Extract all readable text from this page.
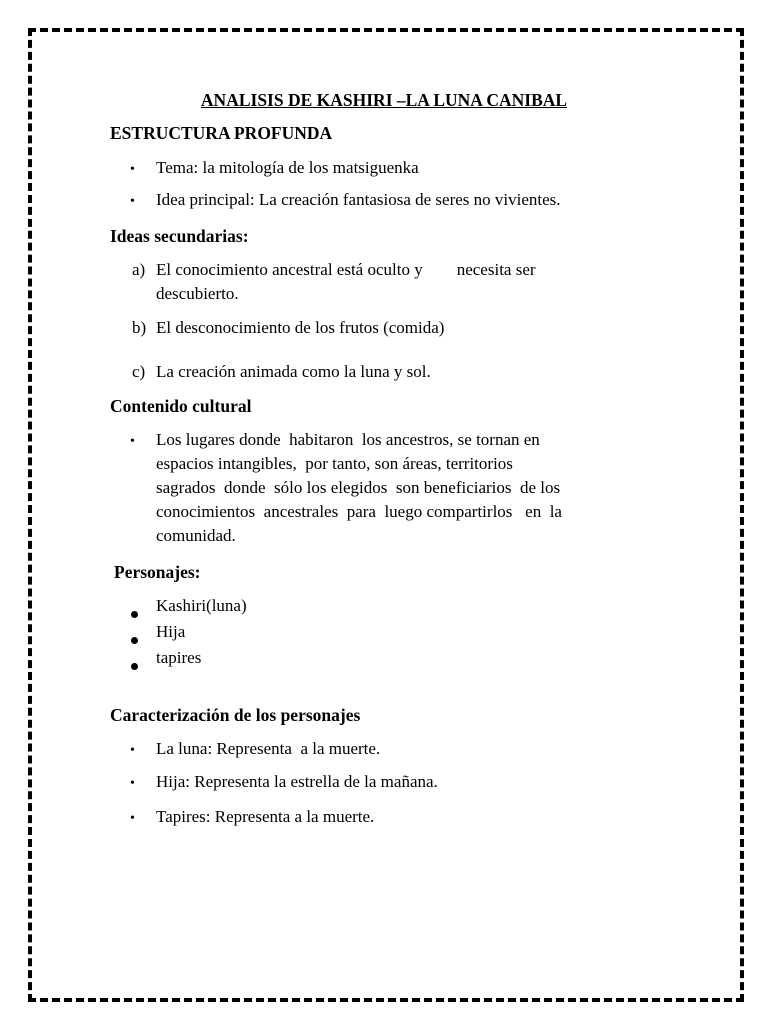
ANALISIS DE KASHIRI –LA LUNA CANIBAL
ESTRUCTURA PROFUNDA
• Tema: la mitología de los matsiguenka
• Idea principal: La creación fantasiosa de seres no vivientes.
Ideas secundarias:
a) El conocimiento ancestral está oculto y        necesita ser
descubierto.
b) El desconocimiento de los frutos (comida)
c) La creación animada como la luna y sol.
Contenido cultural
• Los lugares donde  habitaron  los ancestros, se tornan en
espacios intangibles,  por tanto, son áreas, territorios
sagrados  donde  sólo los elegidos  son beneficiarios  de los
conocimientos  ancestrales  para  luego compartirlos   en  la
comunidad.
Personajes:
Kashiri(luna)
Hija
tapires
Caracterización de los personajes
• La luna: Representa  a la muerte.
• Hija: Representa la estrella de la mañana.
• Tapires: Representa a la muerte.
